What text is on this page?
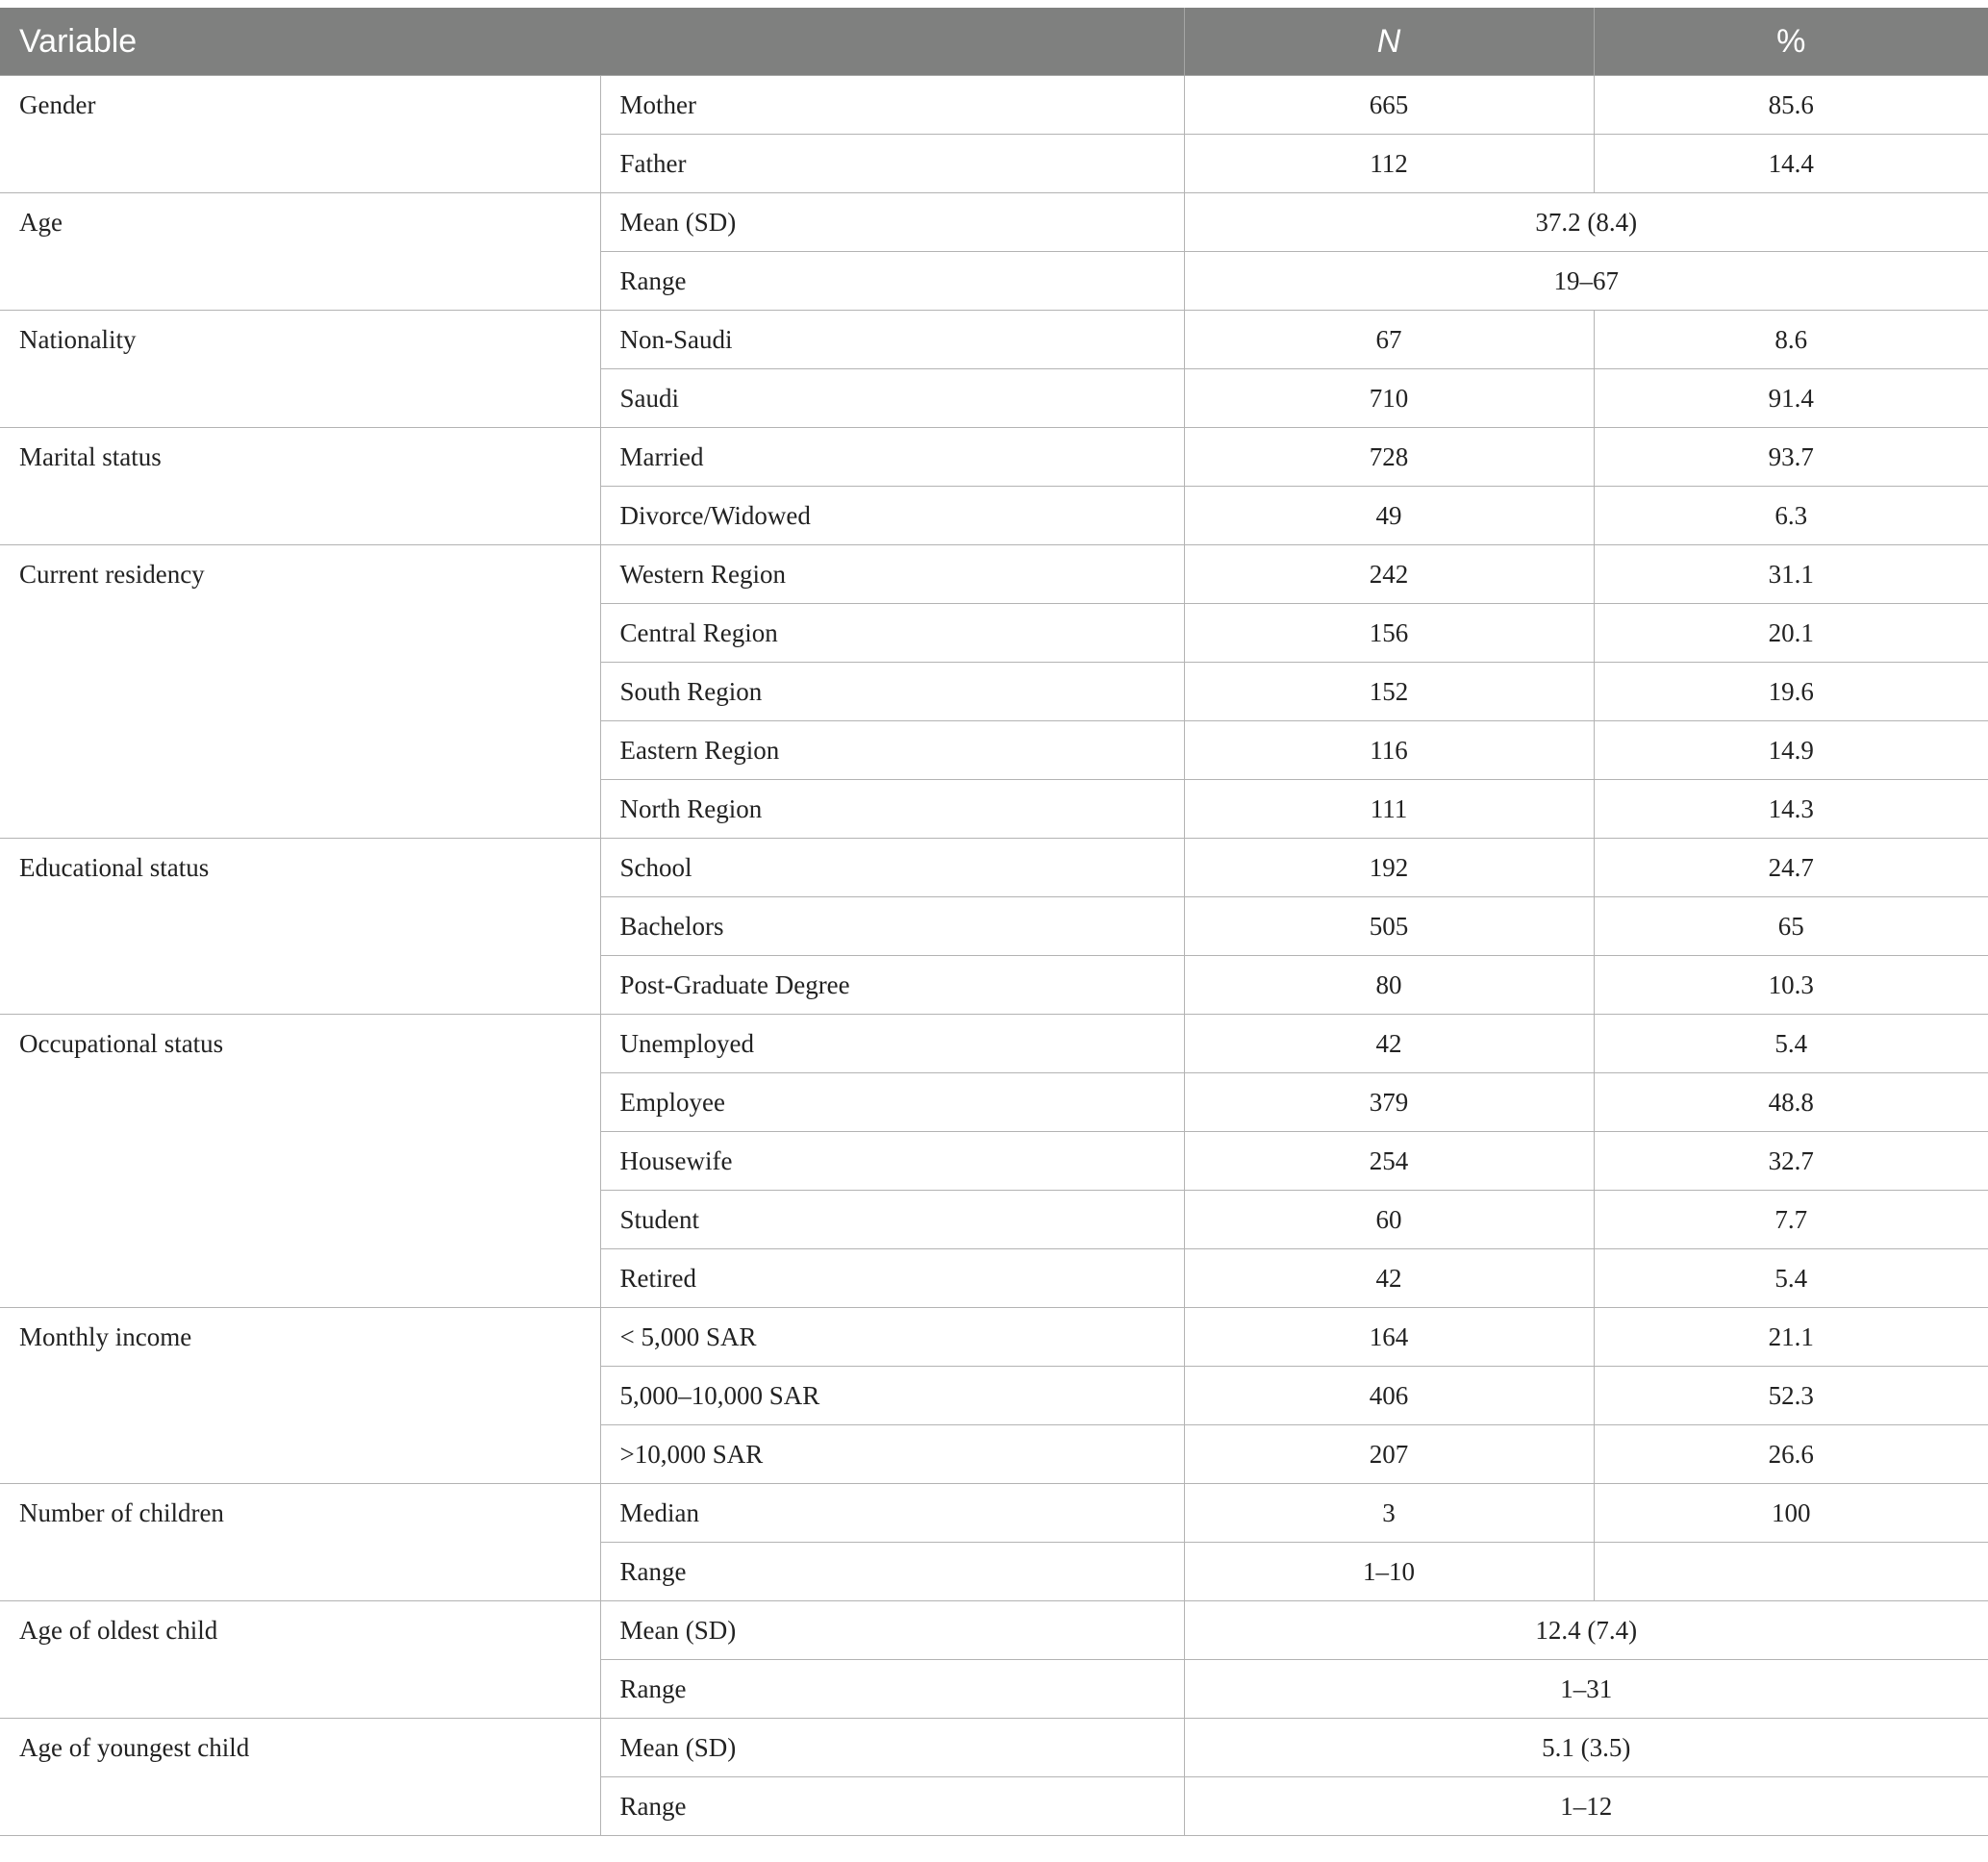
Variable		N	%
Gender	Mother	665	85.6
	Father	112	14.4
Age	Mean (SD)	37.2 (8.4)	
	Range	19–67	
Nationality	Non-Saudi	67	8.6
	Saudi	710	91.4
Marital status	Married	728	93.7
	Divorce/Widowed	49	6.3
Current residency	Western Region	242	31.1
	Central Region	156	20.1
	South Region	152	19.6
	Eastern Region	116	14.9
	North Region	111	14.3
Educational status	School	192	24.7
	Bachelors	505	65
	Post-Graduate Degree	80	10.3
Occupational status	Unemployed	42	5.4
	Employee	379	48.8
	Housewife	254	32.7
	Student	60	7.7
	Retired	42	5.4
Monthly income	< 5,000 SAR	164	21.1
	5,000–10,000 SAR	406	52.3
	>10,000 SAR	207	26.6
Number of children	Median	3	100
	Range	1–10	
Age of oldest child	Mean (SD)	12.4 (7.4)	
	Range	1–31	
Age of youngest child	Mean (SD)	5.1 (3.5)	
	Range	1–12	
